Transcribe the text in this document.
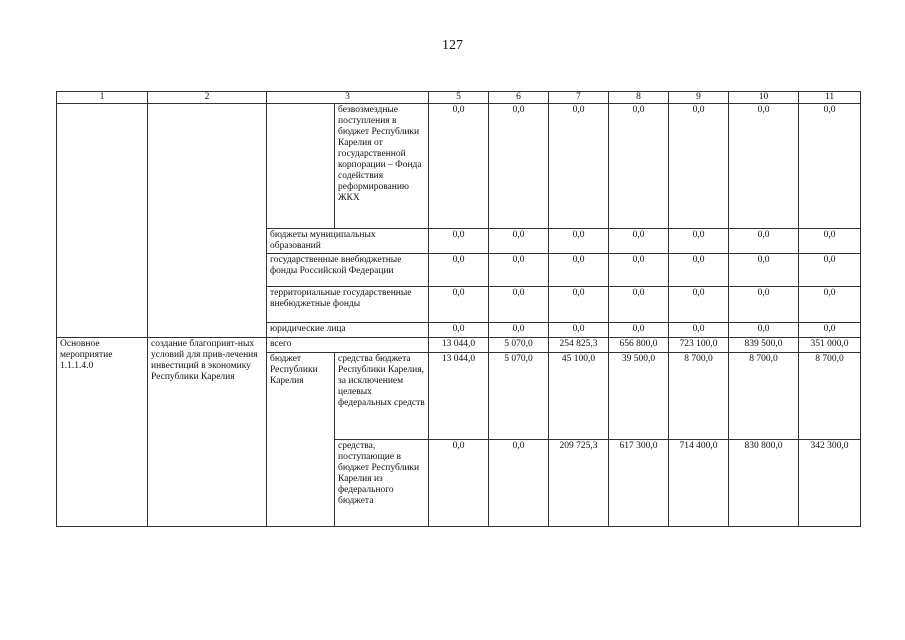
127
1	2	3		5	6	7	8	9	10	11
			безвозмездные поступления в бюджет Республики Карелия от государственной корпорации – Фонда содействия реформированию ЖКХ	0,0	0,0	0,0	0,0	0,0	0,0	0,0
		бюджеты муниципальных образований		0,0	0,0	0,0	0,0	0,0	0,0	0,0
		государственные внебюджетные фонды Российской Федерации		0,0	0,0	0,0	0,0	0,0	0,0	0,0
		территориальные государственные внебюджетные фонды		0,0	0,0	0,0	0,0	0,0	0,0	0,0
		юридические лица		0,0	0,0	0,0	0,0	0,0	0,0	0,0
Основное мероприятие 1.1.1.4.0	создание благоприят-ных условий для прив-лечения инвестиций в экономику Республики Карелия	всего		13 044,0	5 070,0	254 825,3	656 800,0	723 100,0	839 500,0	351 000,0
		бюджет Республики Карелия	средства бюджета Республики Карелия, за исключением целевых федеральных средств	13 044,0	5 070,0	45 100,0	39 500,0	8 700,0	8 700,0	8 700,0
			средства, поступающие в бюджет Республики Карелия из федерального бюджета	0,0	0,0	209 725,3	617 300,0	714 400,0	830 800,0	342 300,0
